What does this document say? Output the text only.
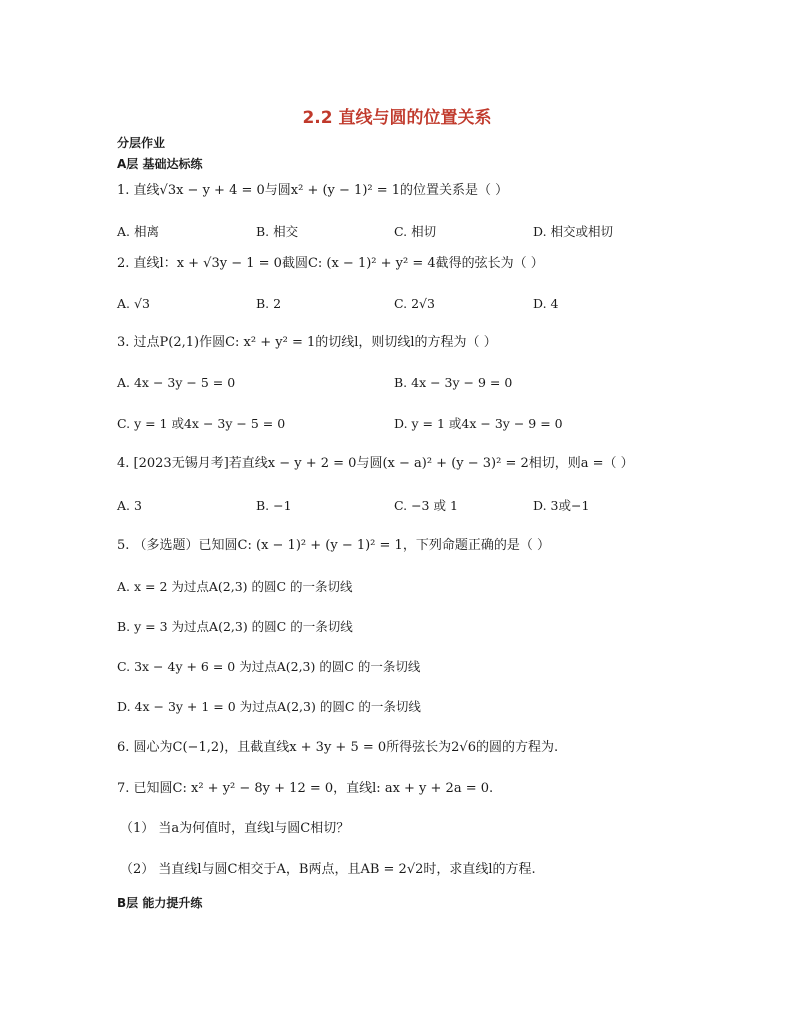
2.2 直线与圆的位置关系
分层作业
A层 基础达标练
1. 直线√3x − y + 4 = 0与圆x² + (y − 1)² = 1的位置关系是（ ）
A. 相离	B. 相交	C. 相切	D. 相交或相切
2. 直线l：x + √3y − 1 = 0截圆C: (x − 1)² + y² = 4截得的弦长为（ ）
A. √3	B. 2	C. 2√3	D. 4
3. 过点P(2,1)作圆C: x² + y² = 1的切线l，则切线l的方程为（ ）
A. 4x − 3y − 5 = 0	B. 4x − 3y − 9 = 0
C. y = 1 或4x − 3y − 5 = 0	D. y = 1 或4x − 3y − 9 = 0
4. [2023无锡月考]若直线x − y + 2 = 0与圆(x − a)² + (y − 3)² = 2相切，则a =（ ）
A. 3	B. −1	C. −3 或 1	D. 3或−1
5. （多选题）已知圆C: (x − 1)² + (y − 1)² = 1，下列命题正确的是（ ）
A. x = 2 为过点A(2,3) 的圆C 的一条切线
B. y = 3 为过点A(2,3) 的圆C 的一条切线
C. 3x − 4y + 6 = 0 为过点A(2,3) 的圆C 的一条切线
D. 4x − 3y + 1 = 0 为过点A(2,3) 的圆C 的一条切线
6. 圆心为C(−1,2)，且截直线x + 3y + 5 = 0所得弦长为2√6的圆的方程为.
7. 已知圆C: x² + y² − 8y + 12 = 0，直线l: ax + y + 2a = 0.
（1） 当a为何值时，直线l与圆C相切？
（2） 当直线l与圆C相交于A，B两点，且AB = 2√2时，求直线l的方程.
B层 能力提升练
